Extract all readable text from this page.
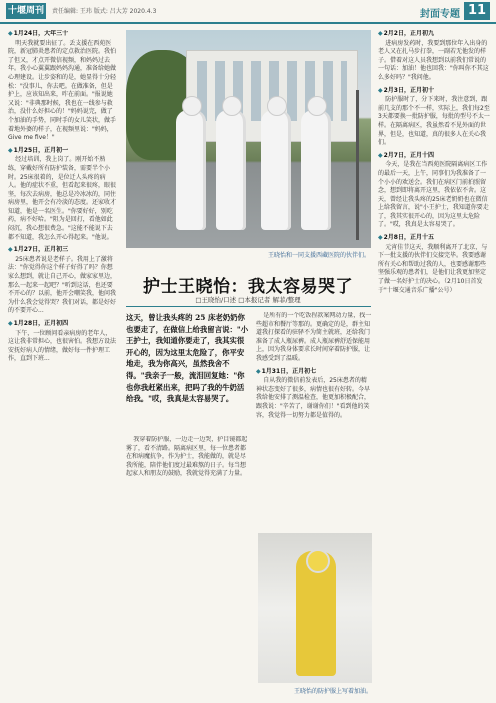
十堰周刊	责任编辑: 王玮 版式: 吕大芳 2020.4.3	封面专题 11
◆ 1月24日，大年三十
明天我就要出征了。丢支援在西苑医院，新冠肺炎患者的定点救治医院。我怕了但又，才点开微信视频，和妈妈过去年。我小心翼翼跟妈妈沟通，准备给她做心理建设。让步姿和的是，她显得十分轻松："没事儿，你去吧。在做准备，但是护上，应该知出来，咋在前面。"报说她又说："非典那时候，我也在一线参与救治，没什么好担心的！"妈妈说完，做了个加油的手势，同时手的女儿笑状，做手着地外婆的样子，在视频里说："妈妈，Give me five！"
◆ 1月25日，正月初一
经过培训，我上岗了。刚开始不熟练，穿戴好所有防护装备，需要半个小时。25床很着的，是位迁人头疼的病人。他的症状不重，但看起来很疼，眼很坚，每次去病房，他总是冷冰冰的，同住病房里，他开会有冷淡的态度。还家收才知道，他是一名医生。"你要好好，别吃药，病不好哈。"阻为是回打，看他如此闷沉，我心想很费急。"这能不能说下去都不知道，我怎么开心得起来。"他说。
◆ 1月27日，正月初三
25床患者说是老样子。我用上了激将法："你觉得你这个样子好得了吗？你想家么想到，就让自己开心，做家家里边，那么一起来一起吧？"听到这话，也还要不开心的？以前，他开会嘲笑我，他问我为什么我会觉得哭？我们对话，都是好好的不要开心...
◆ 1月28日，正月初四
下午，一位顾问看亲病房的老年人，这让我非常担心，也很害怕。我想方设法安抚好病人的情绪，做好每一件护理工作，直到下班...
王晓怡和一同支援西藏医院的伙伴们。
护士王晓怡：我太容易哭了
□王晓怡/口述 □本报记者 解菲/整理
这天，曾让我头疼的 25 床老奶奶你也要走了，在做信上给我留言说："小王护士，我知道你要走了，我其实很开心的，因为这里太危险了，你平安地走，我为你高兴，虽然我舍不得。"我亲子一般，流泪回复她："你也你我赶紧出来，把吗了我的牛奶活给我。"哎，我真是太容易哭了。
是所有的一个吃饭捏款案网动力量，找一些超市和餐厅等那的。更确定的是，群主知道我打探看的驻驿不为简主就班，还给我门准备了成人瓶尿裤。成人瓶尿裤舒适保能用上，因为我身体要求长时间穿着防护服，让我感受到了温暖。
◆ 1月31日，正月初七
自从我的微信前发表后，25床患者的精神状态变好了很多，病情也很有好转。今早我给他安排了测温检查，他更加积极配合，跟我说："辛苦了，谢谢你们！"看到他的笑容，我觉得一切努力都是值得的。
我穿着防护服，一边走一边哭，护目镜都起雾了，看不清路。隔离病区里，每一位患者都在和病魔抗争，作为护士，我能做的，就是尽我所能，陪伴他们度过最难熬的日子。每当想起家人和朋友的鼓励，我就觉得充满了力量。
王晓怡的防护服上写着加油。
◆ 2月2日，正月初九
进病房发药时，我要到那位年入出身的老人又在扎马步打拳，一副若无他发的样子。借着对这人员我想到以前我们常说的一句话：加油！他也回我："你叫你不其这么多好吗？"我问他。
◆ 2月3日，正月初十
防护服时了，分下来时，我注意到，跟前几支的那个不一样，实际上，我们每2至3天都要换一批防护服，每批的型号不太一样。在隔离病区，我虽然看不见外面的世界，但是，也知道，真的很多人在关心我们。
◆ 2月7日，正月十四
今天，是我在当西苑医院隔离病区工作的最后一天，上午，同事们为我准备了一个小小的欢送会。我们在病区门前拍照留念，想到即将离开这里，我依依不舍。这天，曾经让我头疼的25床老奶奶也在微信上给我留言，说"小王护士，我知道你要走了，我其实很开心的，因为这里太危险了。"哎，我真是太容易哭了。
◆ 2月8日，正月十五
元宵佳节这天，我顺利离开了北京，与下一批支援的伙伴们交接完毕。我要感谢所有关心和帮助过我的人，也要感谢那些坚强乐观的患者们，是他们让我更加坚定了做一名好护士的决心。（2月10日首发于"十堰交通音乐广播"公号）
